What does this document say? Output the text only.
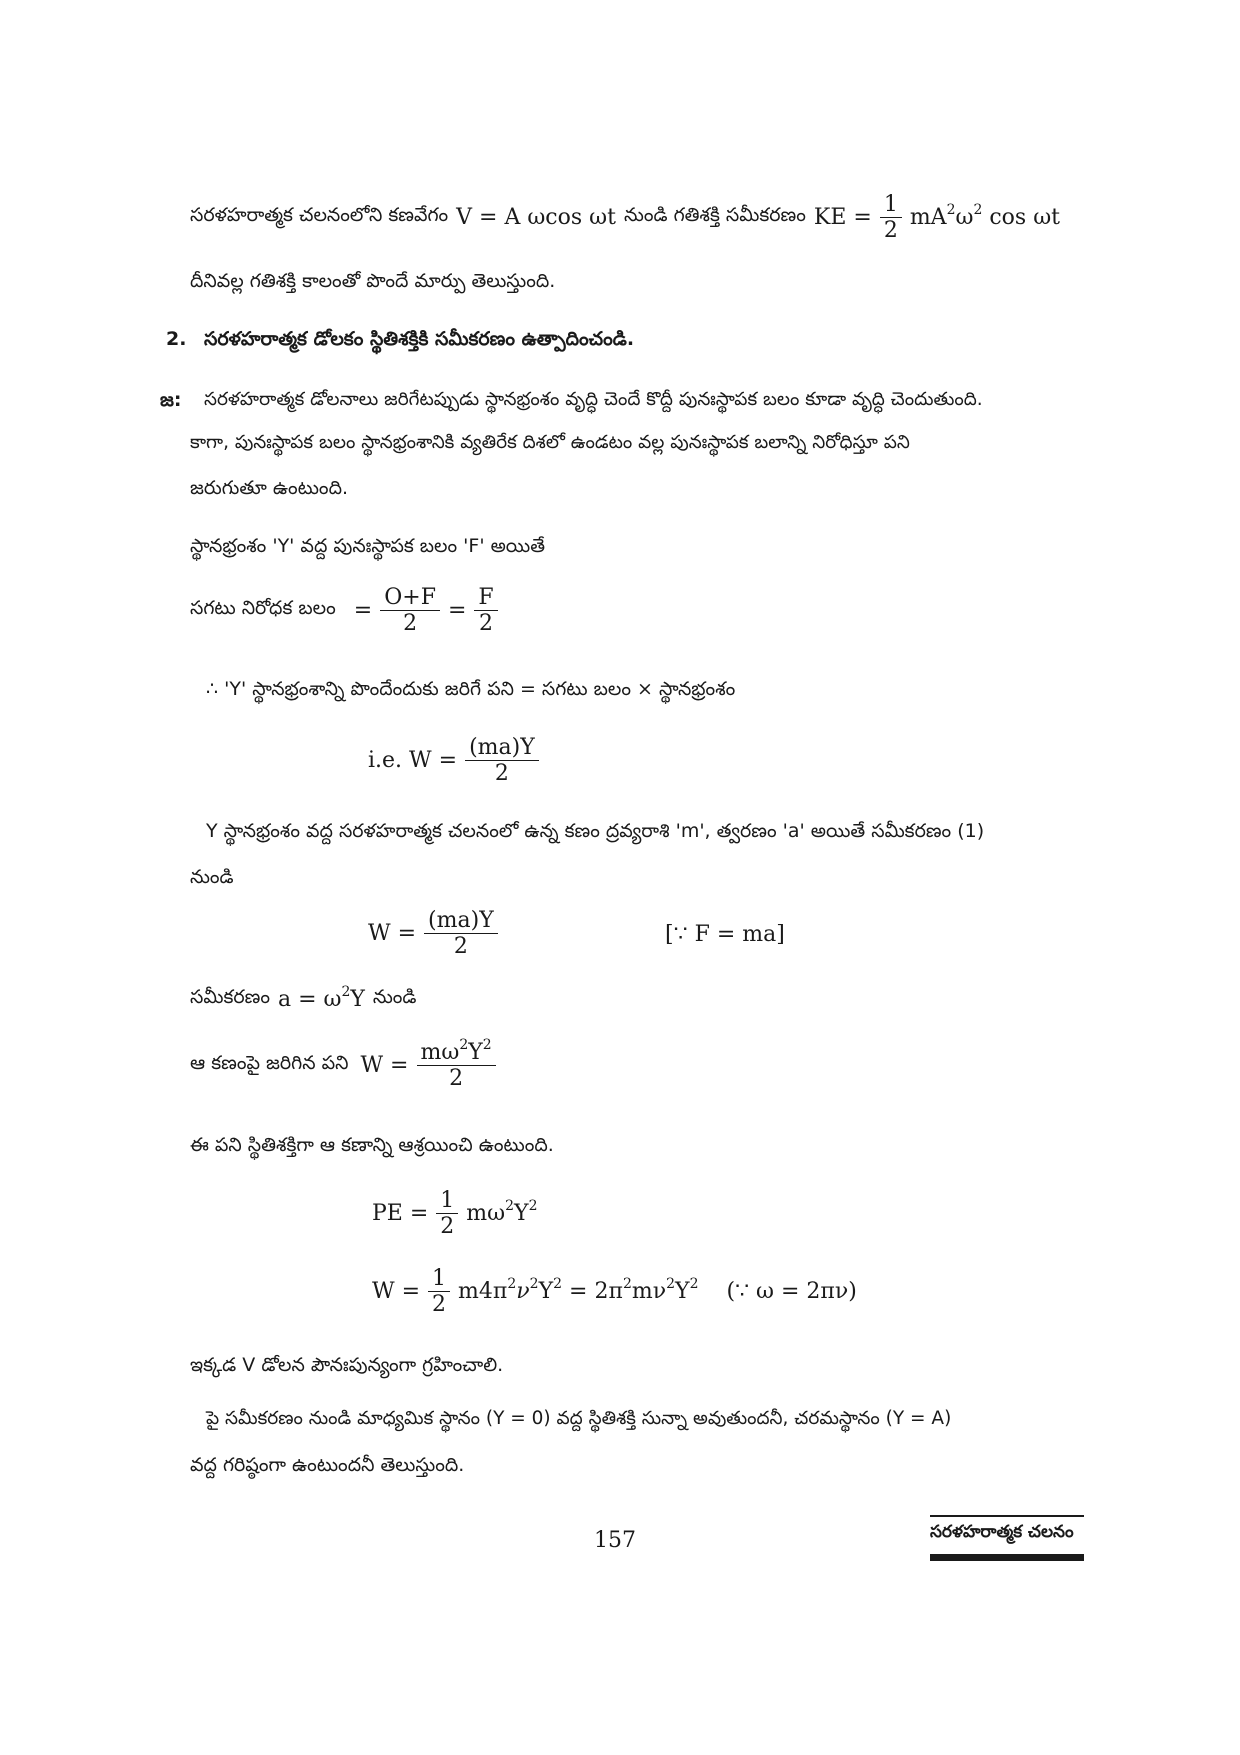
సరళహరాత్మక చలనంలోని కణవేగం V = A ωcos ωt నుండి గతిశక్తి సమీకరణం KE = $\frac{1}{2} mA^2\omega^2$ cos ωt
దీనివల్ల గతిశక్తి కాలంతో పొందే మార్పు తెలుస్తుంది.
2. సరళహరాత్మక డోలకం స్థితిశక్తికి సమీకరణం ఉత్పాదించండి.
జ: సరళహరాత్మక డోలనాలు జరిగేటప్పుడు స్థానభ్రంశం వృద్ధి చెందే కొద్దీ పునఃస్థాపక బలం కూడా వృద్ధి చెందుతుంది.
కాగా, పునఃస్థాపక బలం స్థానభ్రంశానికి వ్యతిరేక దిశలో ఉండటం వల్ల పునఃస్థాపక బలాన్ని నిరోధిస్తూ పని
జరుగుతూ ఉంటుంది.
స్థానభ్రంశం 'Y' వద్ద పునఃస్థాపక బలం 'F' అయితే
సగటు నిరోధక బలం = $\frac{O+F}{2} = \frac{F}{2}$
∴ 'Y' స్థానభ్రంశాన్ని పొందేందుకు జరిగే పని = సగటు బలం × స్థానభ్రంశం
i.e. $W = \frac{(ma)Y}{2}$
Y స్థానభ్రంశం వద్ద సరళహరాత్మక చలనంలో ఉన్న కణం ద్రవ్యరాశి 'm', త్వరణం 'a' అయితే సమీకరణం (1)
నుండి
$W = \frac{(ma)Y}{2}$	[∵ F = ma]
సమీకరణం $a = \omega^2Y$ నుండి
ఆ కణంపై జరిగిన పని $W = \frac{m\omega^2Y^2}{2}$
ఈ పని స్థితిశక్తిగా ఆ కణాన్ని ఆశ్రయించి ఉంటుంది.
PE = $\frac{1}{2} m\omega^2Y^2$
$W = \frac{1}{2} m4\pi^2\nu^2Y^2 = 2\pi^2m\nu^2Y^2$ (∵ ω = 2πν)
ఇక్కడ V డోలన పౌనఃపున్యంగా గ్రహించాలి.
పై సమీకరణం నుండి మాధ్యమిక స్థానం (Y = 0) వద్ద స్థితిశక్తి సున్నా అవుతుందనీ, చరమస్థానం (Y = A)
వద్ద గరిష్ఠంగా ఉంటుందనీ తెలుస్తుంది.
157	సరళహరాత్మక చలనం
